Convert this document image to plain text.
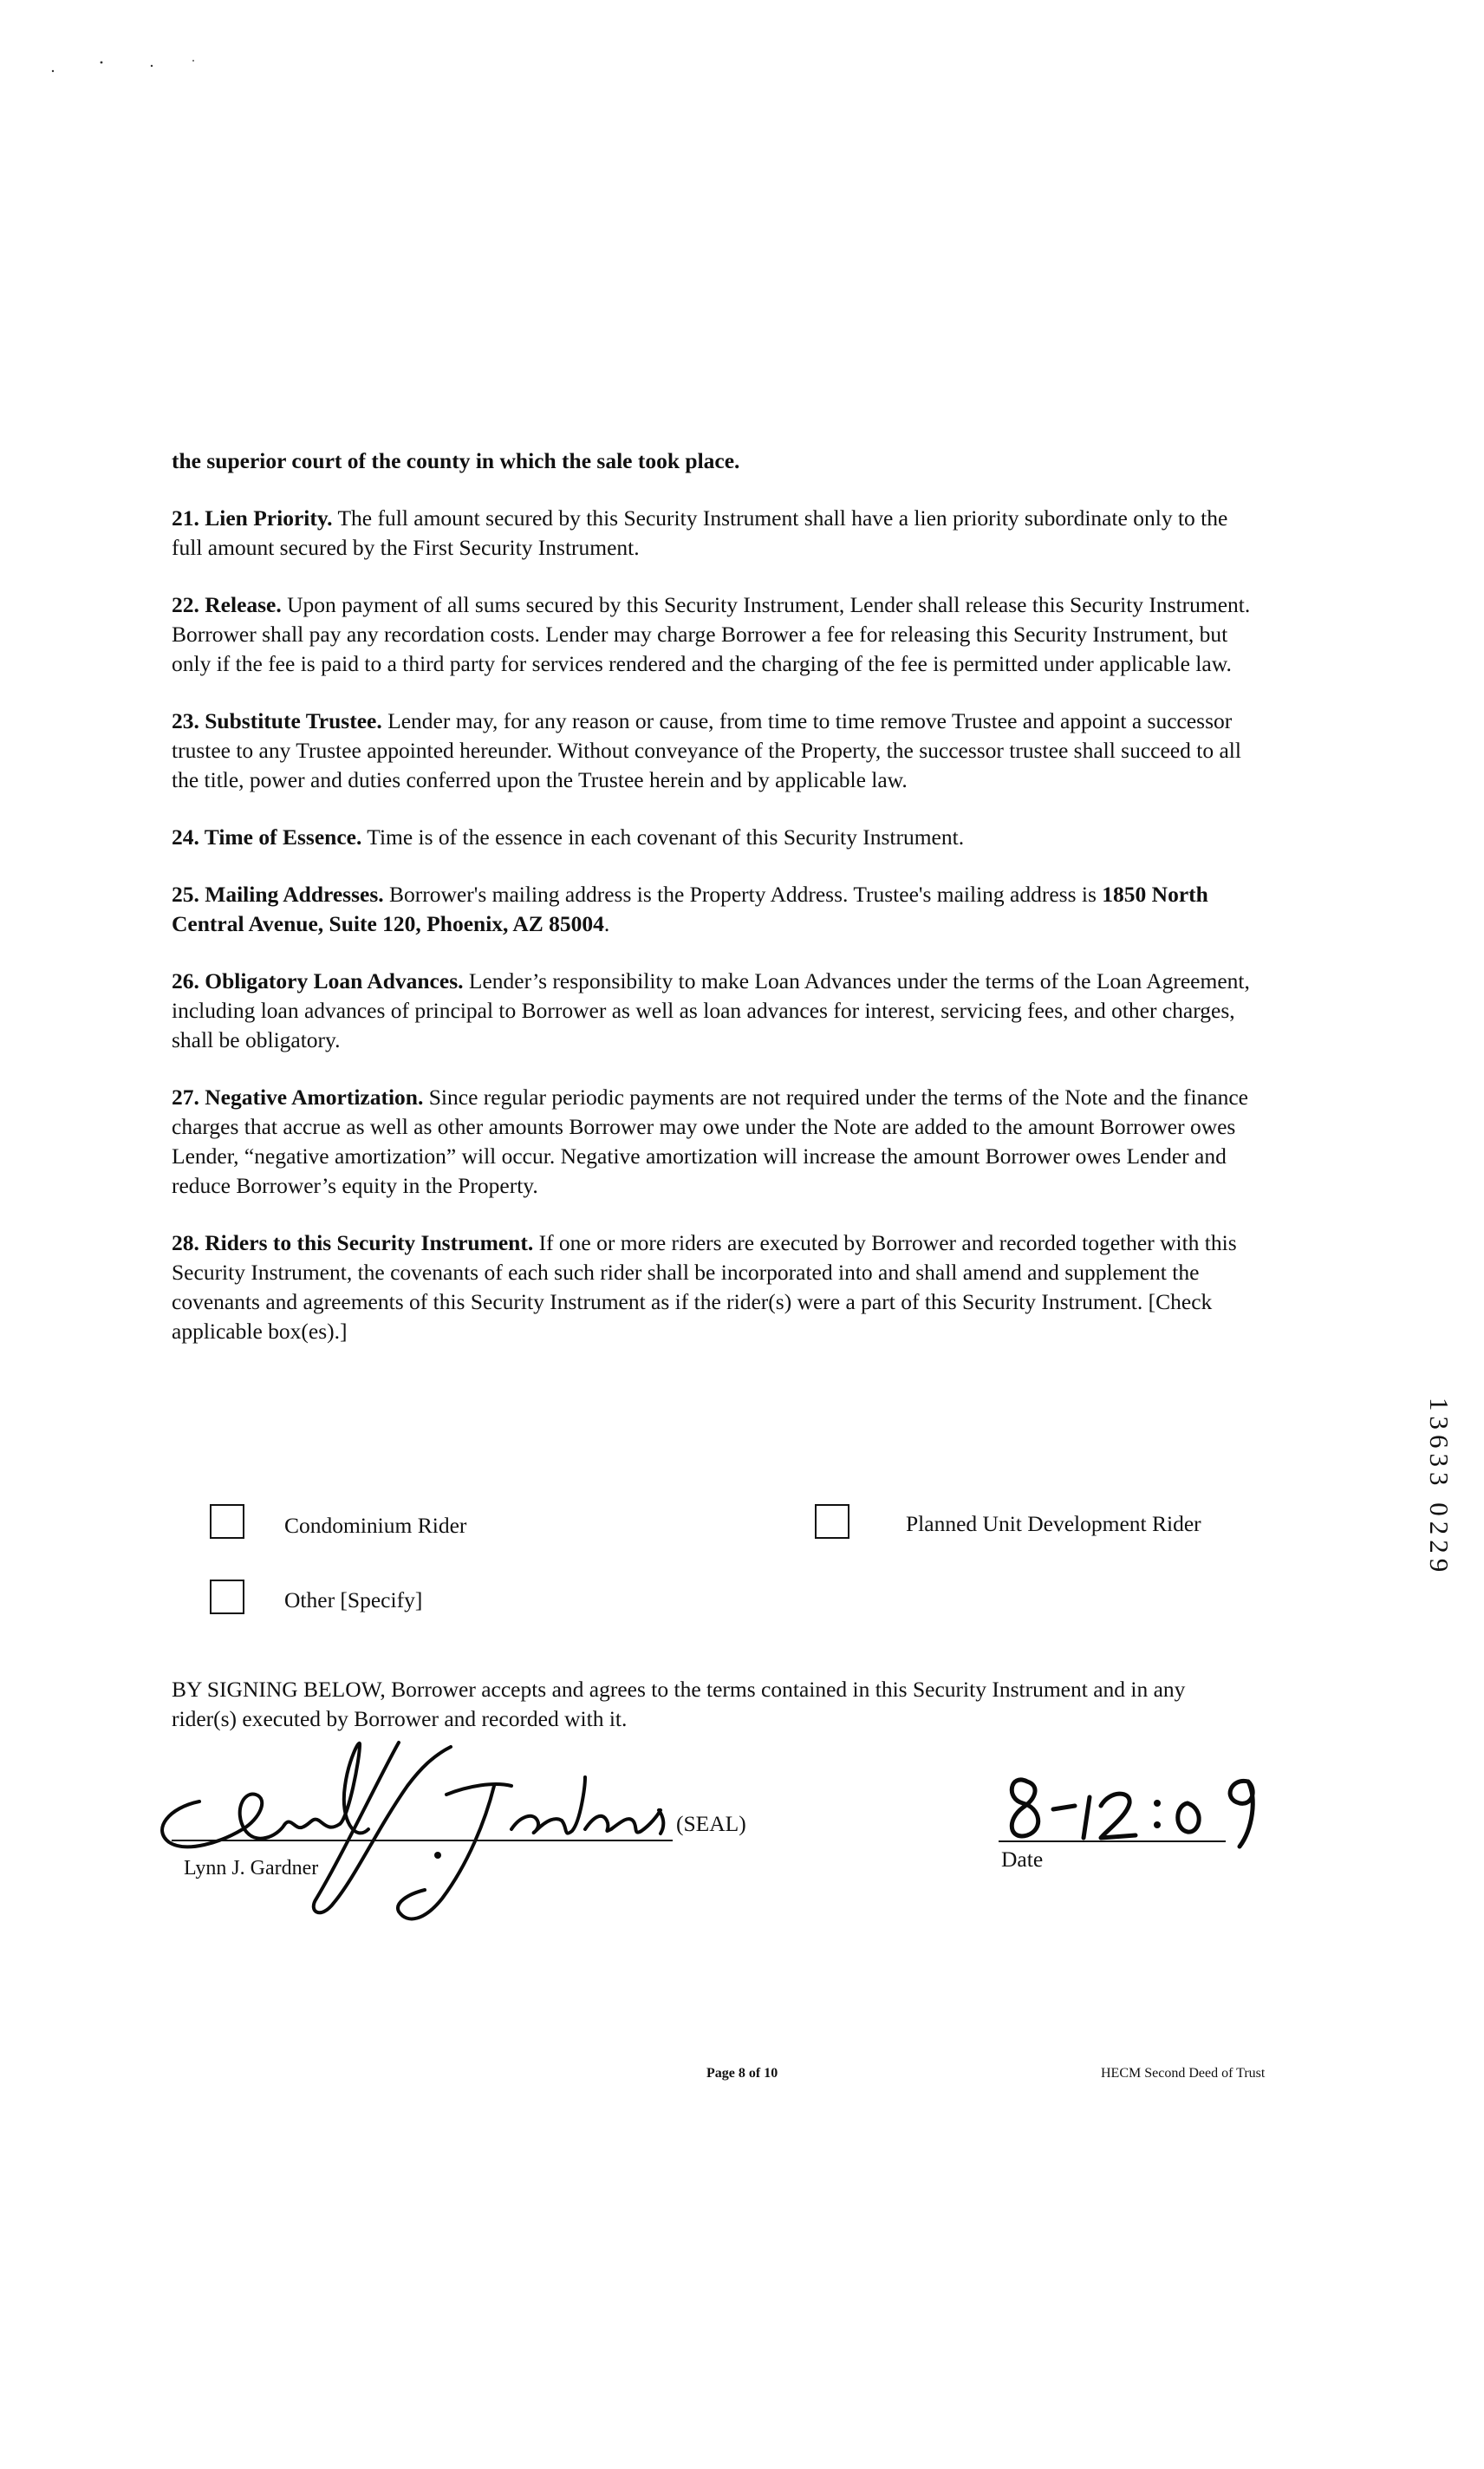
the superior court of the county in which the sale took place.

21. Lien Priority. The full amount secured by this Security Instrument shall have a lien priority subordinate only to the full amount secured by the First Security Instrument.

22. Release. Upon payment of all sums secured by this Security Instrument, Lender shall release this Security Instrument. Borrower shall pay any recordation costs. Lender may charge Borrower a fee for releasing this Security Instrument, but only if the fee is paid to a third party for services rendered and the charging of the fee is permitted under applicable law.

23. Substitute Trustee. Lender may, for any reason or cause, from time to time remove Trustee and appoint a successor trustee to any Trustee appointed hereunder. Without conveyance of the Property, the successor trustee shall succeed to all the title, power and duties conferred upon the Trustee herein and by applicable law.

24. Time of Essence. Time is of the essence in each covenant of this Security Instrument.

25. Mailing Addresses. Borrower's mailing address is the Property Address. Trustee's mailing address is 1850 North Central Avenue, Suite 120, Phoenix, AZ 85004.

26. Obligatory Loan Advances. Lender’s responsibility to make Loan Advances under the terms of the Loan Agreement, including loan advances of principal to Borrower as well as loan advances for interest, servicing fees, and other charges, shall be obligatory.

27. Negative Amortization. Since regular periodic payments are not required under the terms of the Note and the finance charges that accrue as well as other amounts Borrower may owe under the Note are added to the amount Borrower owes Lender, “negative amortization” will occur. Negative amortization will increase the amount Borrower owes Lender and reduce Borrower’s equity in the Property.

28. Riders to this Security Instrument. If one or more riders are executed by Borrower and recorded together with this Security Instrument, the covenants of each such rider shall be incorporated into and shall amend and supplement the covenants and agreements of this Security Instrument as if the rider(s) were a part of this Security Instrument. [Check applicable box(es).]

Condominium Rider	Planned Unit Development Rider
Other [Specify]
BY SIGNING BELOW, Borrower accepts and agrees to the terms contained in this Security Instrument and in any rider(s) executed by Borrower and recorded with it.
(SEAL)
Lynn J. Gardner	Date
Page 8 of 10	HECM Second Deed of Trust
13633 0229
